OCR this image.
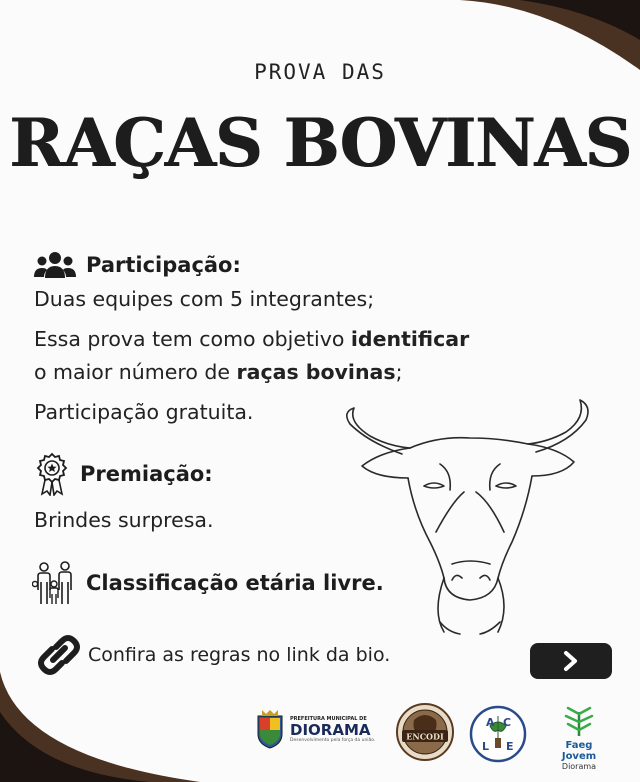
PROVA DAS
RAÇAS BOVINAS
Participação:
Duas equipes com 5 integrantes;
Essa prova tem como objetivo identificar
o maior número de raças bovinas;
Participação gratuita.
Premiação:
Brindes surpresa.
Classificação etária livre.
Confira as regras no link da bio.
PREFEITURA MUNICIPAL DE
DIORAMA
Desenvolvimento pela força da união.	ENCODI
A C
L E	Faeg Jovem
Diorama
